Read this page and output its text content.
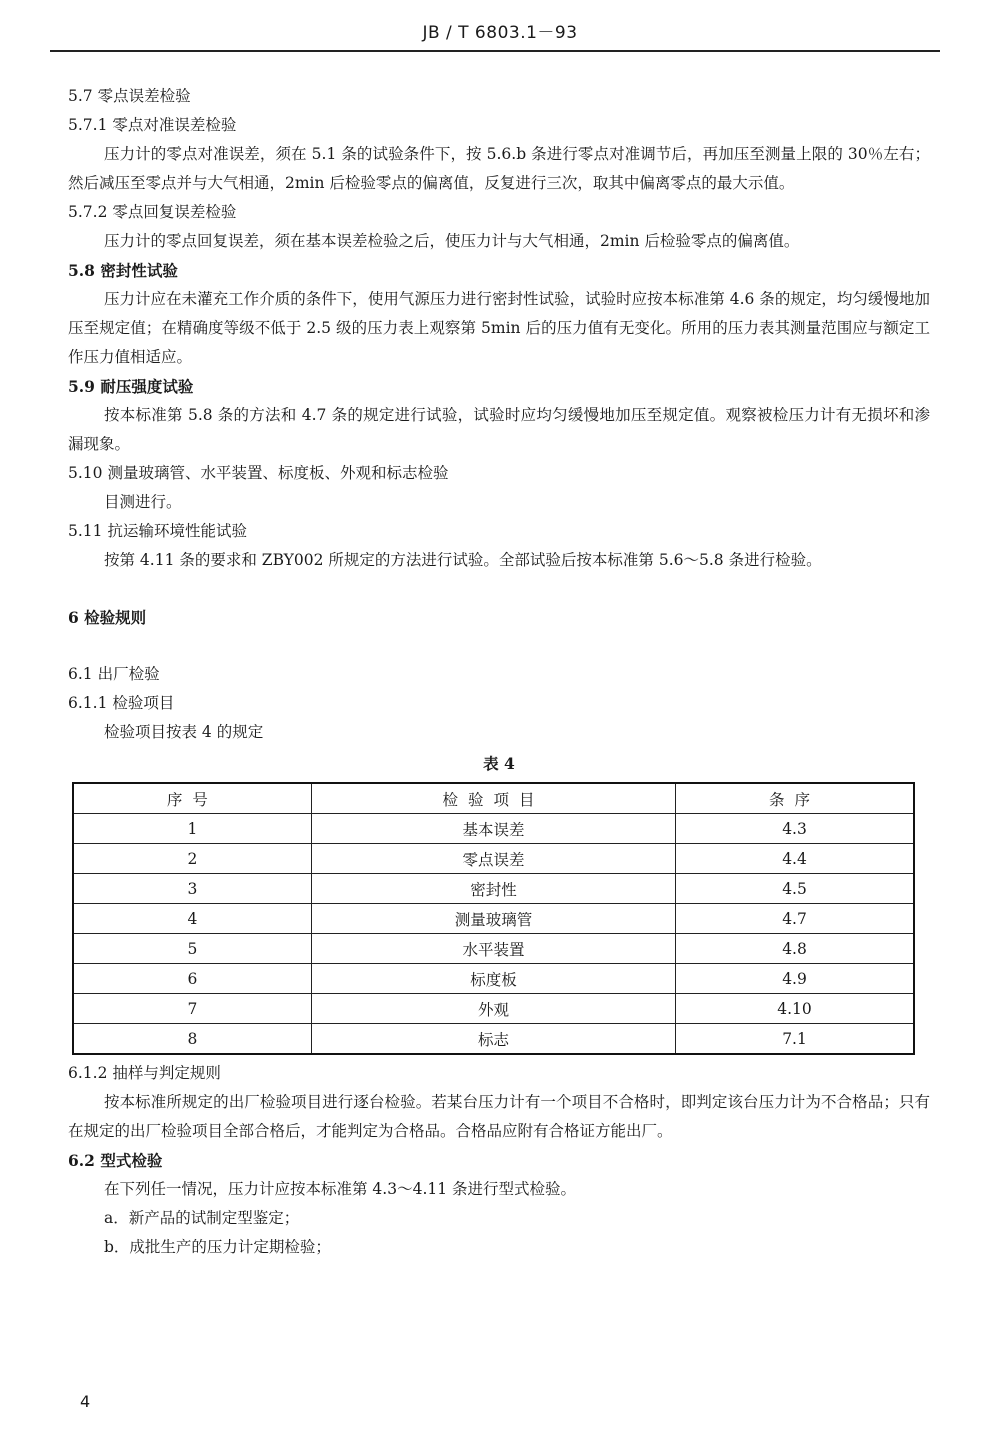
JB / T 6803.1－93
5.7 零点误差检验
5.7.1 零点对准误差检验

压力计的零点对准误差，须在 5.1 条的试验条件下，按 5.6.b 条进行零点对准调节后，再加压至测量上限的 30％左右；然后减压至零点并与大气相通，2min 后检验零点的偏离值，反复进行三次，取其中偏离零点的最大示值。

5.7.2 零点回复误差检验

压力计的零点回复误差，须在基本误差检验之后，使压力计与大气相通，2min 后检验零点的偏离值。

5.8 密封性试验

压力计应在未灌充工作介质的条件下，使用气源压力进行密封性试验，试验时应按本标准第 4.6 条的规定，均匀缓慢地加压至规定值；在精确度等级不低于 2.5 级的压力表上观察第 5min 后的压力值有无变化。所用的压力表其测量范围应与额定工作压力值相适应。

5.9 耐压强度试验

按本标准第 5.8 条的方法和 4.7 条的规定进行试验，试验时应均匀缓慢地加压至规定值。观察被检压力计有无损坏和渗漏现象。

5.10 测量玻璃管、水平装置、标度板、外观和标志检验

目测进行。

5.11 抗运输环境性能试验

按第 4.11 条的要求和 ZBY002 所规定的方法进行试验。全部试验后按本标准第 5.6～5.8 条进行检验。

6 检验规则
6.1 出厂检验
6.1.1 检验项目
检验项目按表 4 的规定
表 4
序号	检验项目	条序
1	基本误差	4.3
2	零点误差	4.4
3	密封性	4.5
4	测量玻璃管	4.7
5	水平装置	4.8
6	标度板	4.9
7	外观	4.10
8	标志	7.1
6.1.2 抽样与判定规则

按本标准所规定的出厂检验项目进行逐台检验。若某台压力计有一个项目不合格时，即判定该台压力计为不合格品；只有在规定的出厂检验项目全部合格后，才能判定为合格品。合格品应附有合格证方能出厂。

6.2 型式检验

在下列任一情况，压力计应按本标准第 4.3～4.11 条进行型式检验。

a．新产品的试制定型鉴定；
b．成批生产的压力计定期检验；
4
